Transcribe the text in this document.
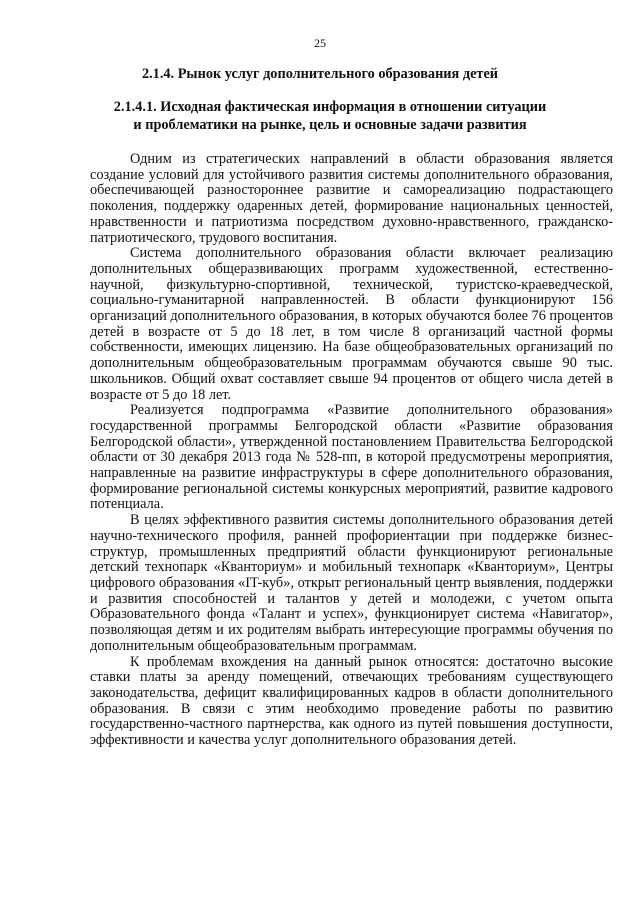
25
2.1.4. Рынок услуг дополнительного образования детей
2.1.4.1. Исходная фактическая информация в отношении ситуации
и проблематики на рынке, цель и основные задачи развития

Одним из стратегических направлений в области образования является создание условий для устойчивого развития системы дополнительного образования, обеспечивающей разностороннее развитие и самореализацию подрастающего поколения, поддержку одаренных детей, формирование национальных ценностей, нравственности и патриотизма посредством духовно-нравственного, гражданско-патриотического, трудового воспитания.

Система дополнительного образования области включает реализацию дополнительных общеразвивающих программ художественной, естественно-научной, физкультурно-спортивной, технической, туристско-краеведческой, социально-гуманитарной направленностей. В области функционируют 156 организаций дополнительного образования, в которых обучаются более 76 процентов детей в возрасте от 5 до 18 лет, в том числе 8 организаций частной формы собственности, имеющих лицензию. На базе общеобразовательных организаций по дополнительным общеобразовательным программам обучаются свыше 90 тыс. школьников. Общий охват составляет свыше 94 процентов от общего числа детей в возрасте от 5 до 18 лет.

Реализуется подпрограмма «Развитие дополнительного образования» государственной программы Белгородской области «Развитие образования Белгородской области», утвержденной постановлением Правительства Белгородской области от 30 декабря 2013 года № 528-пп, в которой предусмотрены мероприятия, направленные на развитие инфраструктуры в сфере дополнительного образования, формирование региональной системы конкурсных мероприятий, развитие кадрового потенциала.

В целях эффективного развития системы дополнительного образования детей научно-технического профиля, ранней профориентации при поддержке бизнес-структур, промышленных предприятий области функционируют региональные детский технопарк «Кванториум» и мобильный технопарк «Кванториум», Центры цифрового образования «IT-куб», открыт региональный центр выявления, поддержки и развития способностей и талантов у детей и молодежи, с учетом опыта Образовательного фонда «Талант и успех», функционирует система «Навигатор», позволяющая детям и их родителям выбрать интересующие программы обучения по дополнительным общеобразовательным программам.

К проблемам вхождения на данный рынок относятся: достаточно высокие ставки платы за аренду помещений, отвечающих требованиям существующего законодательства, дефицит квалифицированных кадров в области дополнительного образования. В связи с этим необходимо проведение работы по развитию государственно-частного партнерства, как одного из путей повышения доступности, эффективности и качества услуг дополнительного образования детей.
